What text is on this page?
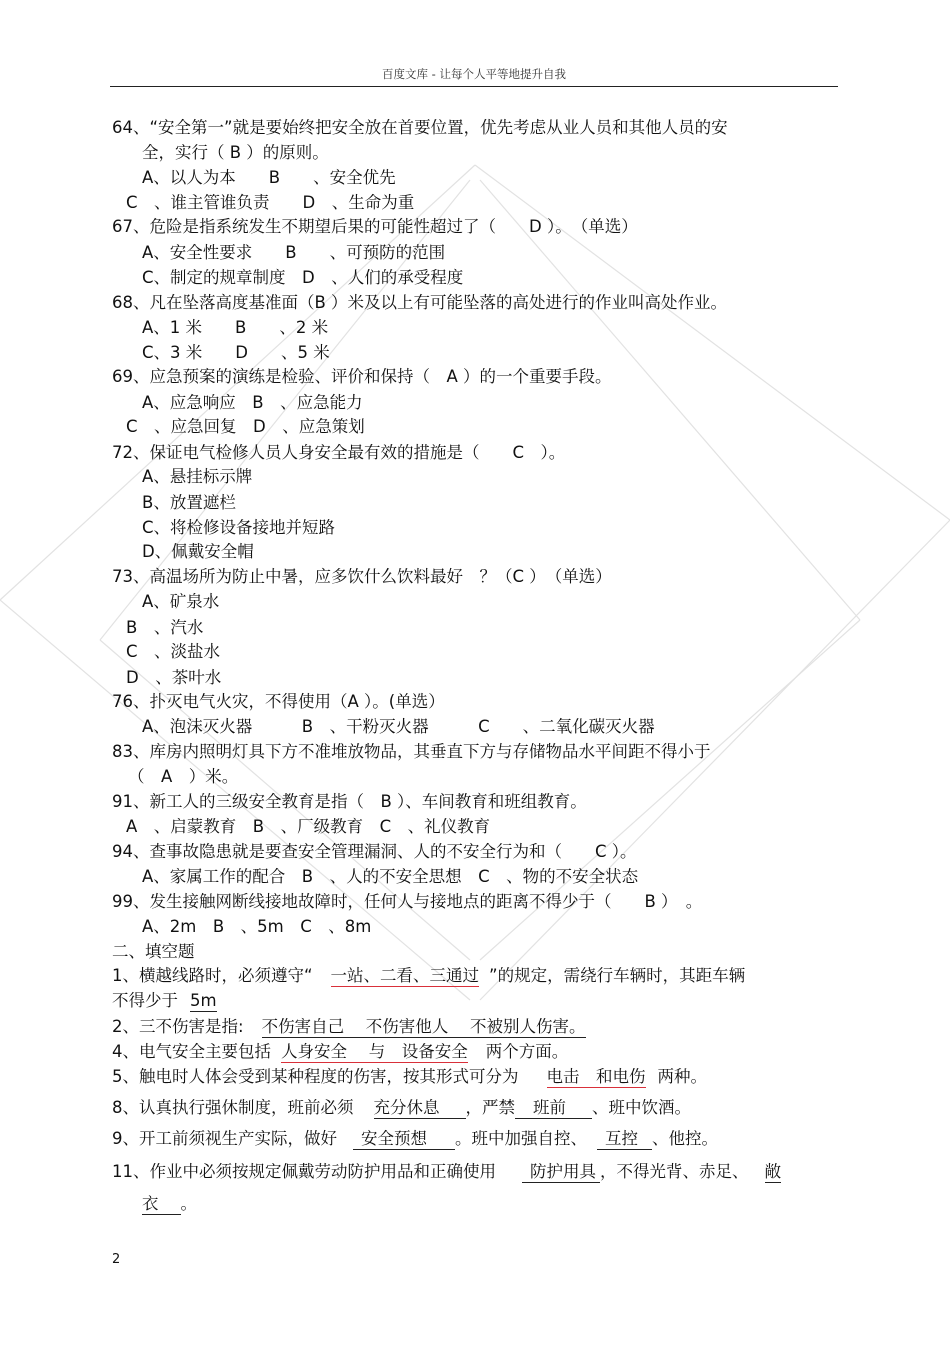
百度文库 - 让每个人平等地提升自我
64、“安全第一”就是要始终把安全放在首要位置，优先考虑从业人员和其他人员的安
全，实行（ B ）的原则。
A、以人为本　　B　　、安全优先
C　、谁主管谁负责　　D　、生命为重
67、危险是指系统发生不期望后果的可能性超过了（　　D ）。　（单选）
A、安全性要求　　B　　、可预防的范围
C、制定的规章制度　D　、人们的承受程度
68、凡在坠落高度基准面（B ）米及以上有可能坠落的高处进行的作业叫高处作业。
A、1 米　　B　　、2 米
C、3 米　　D　　、5 米
69、应急预案的演练是检验、评价和保持（　A ）的一个重要手段。
A、应急响应　B　、应急能力
C　、应急回复　D　、应急策划
72、保证电气检修人员人身安全最有效的措施是（　　C　）。
A、悬挂标示牌
B、放置遮栏
C、将检修设备接地并短路
D、佩戴安全帽
73、高温场所为防止中暑，应多饮什么饮料最好　？（C ）　（单选）
A、矿泉水
B　、汽水
C　、淡盐水
D　、茶叶水
76、扑灭电气火灾，不得使用（A ）。(单选）
A、泡沫灭火器　　　B　、干粉灭火器　　　C　　、二氧化碳灭火器
83、库房内照明灯具下方不准堆放物品，其垂直下方与存储物品水平间距不得小于
（　A　）米。
91、新工人的三级安全教育是指（　B ）、车间教育和班组教育。
A　、启蒙教育　B　、厂级教育　C　、礼仪教育
94、查事故隐患就是要查安全管理漏洞、人的不安全行为和（　　C ）。
A、家属工作的配合　B　、人的不安全思想　C　、物的不安全状态
99、发生接触网断线接地故障时，任何人与接地点的距离不得少于（　　B ）　。
A、2m　B　、5m　C　、8m
二、填空题
1、横越线路时，必须遵守“ 一站、二看、三通过 ”的规定，需绕行车辆时，其距车辆
不得少于 5m
2、三不伤害是指: 不伤害自己　 不伤害他人　 不被别人伤害。
4、电气安全主要包括 人身安全　 与　设备安全 两个方面。
5、触电时人体会受到某种程度的伤害，按其形式可分为 电击　和电伤 两种。
8、认真执行强休制度，班前必须 充分休息 ，严禁 班前 、班中饮酒。
9、开工前须视生产实际，做好 安全预想 。班中加强自控、 互控 、他控。
11、作业中必须按规定佩戴劳动防护用品和正确使用 防护用具 ，不得光背、赤足、 敞
衣 。
2
